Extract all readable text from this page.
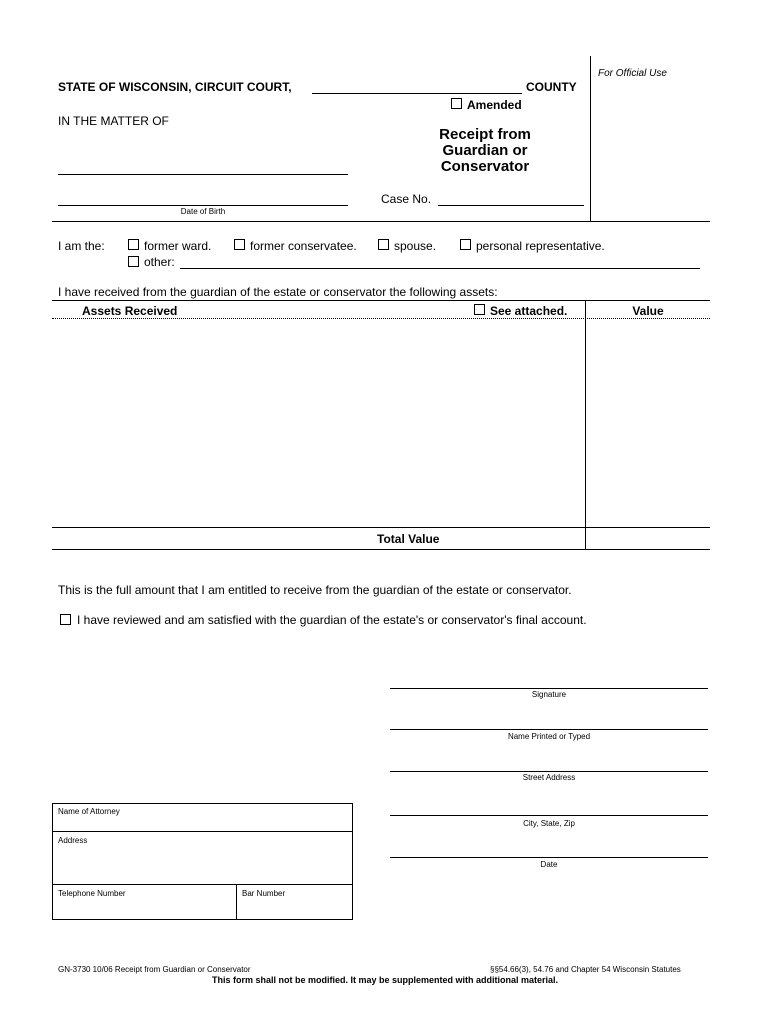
For Official Use
STATE OF WISCONSIN, CIRCUIT COURT,	COUNTY
Amended
IN THE MATTER OF
Receipt from
Guardian or
Conservator
Case No.
Date of Birth
I am the:	former ward.	former conservatee.	spouse.	personal representative.
other:
I have received from the guardian of the estate or conservator the following assets:
Assets Received	See attached.	Value
Total Value
This is the full amount that I am entitled to receive from the guardian of the estate or conservator.
I have reviewed and am satisfied with the guardian of the estate's or conservator's final account.
Signature
Name Printed or Typed
Street Address
City, State, Zip
Date
Name of Attorney
Address
Telephone Number	Bar Number
GN-3730 10/06 Receipt from Guardian or Conservator	§§54.66(3), 54.76 and Chapter 54 Wisconsin Statutes
This form shall not be modified. It may be supplemented with additional material.
